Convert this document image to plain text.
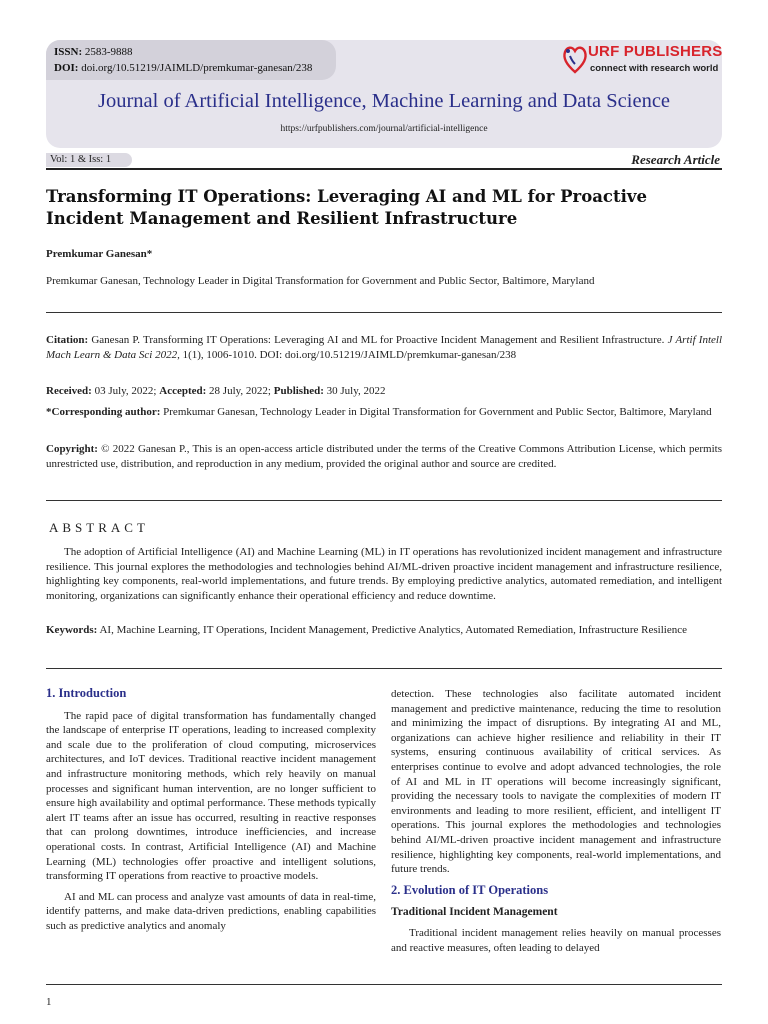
ISSN: 2583-9888
DOI: doi.org/10.51219/JAIMLD/premkumar-ganesan/238
URF PUBLISHERS
connect with research world
Journal of Artificial Intelligence, Machine Learning and Data Science
https://urfpublishers.com/journal/artificial-intelligence
Vol: 1 & Iss: 1	Research Article
Transforming IT Operations: Leveraging AI and ML for Proactive Incident Management and Resilient Infrastructure
Premkumar Ganesan*
Premkumar Ganesan, Technology Leader in Digital Transformation for Government and Public Sector, Baltimore, Maryland
Citation: Ganesan P. Transforming IT Operations: Leveraging AI and ML for Proactive Incident Management and Resilient Infrastructure. J Artif Intell Mach Learn & Data Sci 2022, 1(1), 1006-1010. DOI: doi.org/10.51219/JAIMLD/premkumar-ganesan/238
Received: 03 July, 2022; Accepted: 28 July, 2022; Published: 30 July, 2022
*Corresponding author: Premkumar Ganesan, Technology Leader in Digital Transformation for Government and Public Sector, Baltimore, Maryland
Copyright: © 2022 Ganesan P., This is an open-access article distributed under the terms of the Creative Commons Attribution License, which permits unrestricted use, distribution, and reproduction in any medium, provided the original author and source are credited.
ABSTRACT
The adoption of Artificial Intelligence (AI) and Machine Learning (ML) in IT operations has revolutionized incident management and infrastructure resilience. This journal explores the methodologies and technologies behind AI/ML-driven proactive incident management and infrastructure resilience, highlighting key components, real-world implementations, and future trends. By employing predictive analytics, automated remediation, and intelligent monitoring, organizations can significantly enhance their operational efficiency and reduce downtime.
Keywords: AI, Machine Learning, IT Operations, Incident Management, Predictive Analytics, Automated Remediation, Infrastructure Resilience
1. Introduction

The rapid pace of digital transformation has fundamentally changed the landscape of enterprise IT operations, leading to increased complexity and scale due to the proliferation of cloud computing, microservices architectures, and IoT devices. Traditional reactive incident management and infrastructure monitoring methods, which rely heavily on manual processes and significant human intervention, are no longer sufficient to ensure high availability and optimal performance. These methods typically alert IT teams after an issue has occurred, resulting in reactive responses that can prolong downtimes, introduce inefficiencies, and increase operational costs. In contrast, Artificial Intelligence (AI) and Machine Learning (ML) technologies offer proactive and intelligent solutions, transforming IT operations from reactive to proactive models.

AI and ML can process and analyze vast amounts of data in real-time, identify patterns, and make data-driven predictions, enabling capabilities such as predictive analytics and anomaly

detection. These technologies also facilitate automated incident management and predictive maintenance, reducing the time to resolution and minimizing the impact of disruptions. By integrating AI and ML, organizations can achieve higher resilience and reliability in their IT systems, ensuring continuous availability of critical services. As enterprises continue to evolve and adopt advanced technologies, the role of AI and ML in IT operations will become increasingly significant, providing the necessary tools to navigate the complexities of modern IT environments and leading to more resilient, efficient, and intelligent IT operations. This journal explores the methodologies and technologies behind AI/ML-driven proactive incident management and infrastructure resilience, highlighting key components, real-world implementations, and future trends.

2. Evolution of IT Operations
Traditional Incident Management

Traditional incident management relies heavily on manual processes and reactive measures, often leading to delayed

1
